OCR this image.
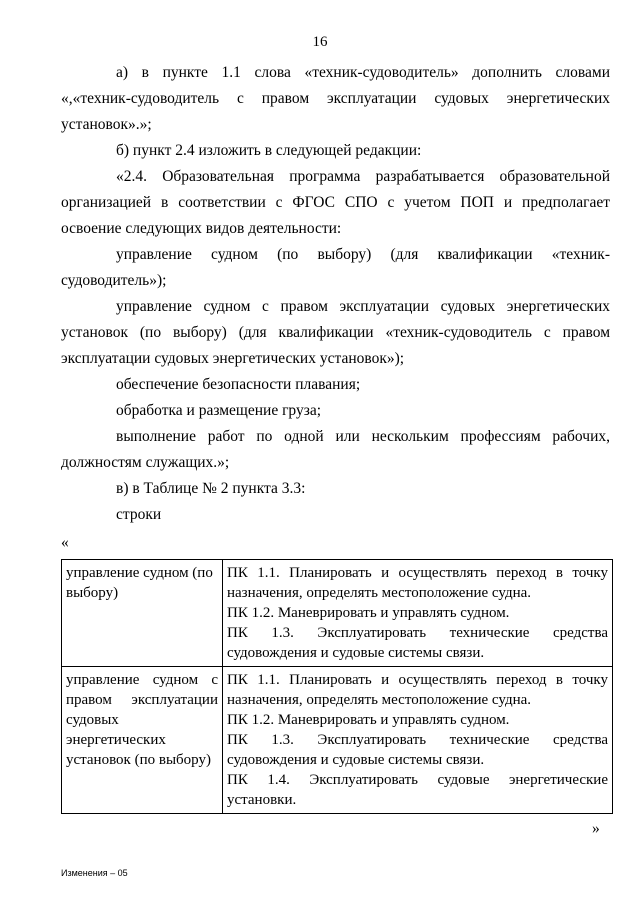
16
а) в пункте 1.1 слова «техник-судоводитель» дополнить словами «,«техник-судоводитель с правом эксплуатации судовых энергетических установок».»;
б) пункт 2.4 изложить в следующей редакции:
«2.4. Образовательная программа разрабатывается образовательной организацией в соответствии с ФГОС СПО с учетом ПОП и предполагает освоение следующих видов деятельности:
управление судном (по выбору) (для квалификации «техник-судоводитель»);
управление судном с правом эксплуатации судовых энергетических установок (по выбору) (для квалификации «техник-судоводитель с правом эксплуатации судовых энергетических установок»);
обеспечение безопасности плавания;
обработка и размещение груза;
выполнение работ по одной или нескольким профессиям рабочих, должностям служащих.»;
в) в Таблице № 2 пункта 3.3:
строки
«
управление судном (по выбору)	ПК 1.1. Планировать и осуществлять переход в точку назначения, определять местоположение судна.
ПК 1.2. Маневрировать и управлять судном.
ПК 1.3. Эксплуатировать технические средства судовождения и судовые системы связи.

управление судном с правом эксплуатации судовых энергетических установок (по выбору)	ПК 1.1. Планировать и осуществлять переход в точку назначения, определять местоположение судна.
ПК 1.2. Маневрировать и управлять судном.
ПК 1.3. Эксплуатировать технические средства судовождения и судовые системы связи.
ПК 1.4. Эксплуатировать судовые энергетические установки.
»
Изменения – 05
